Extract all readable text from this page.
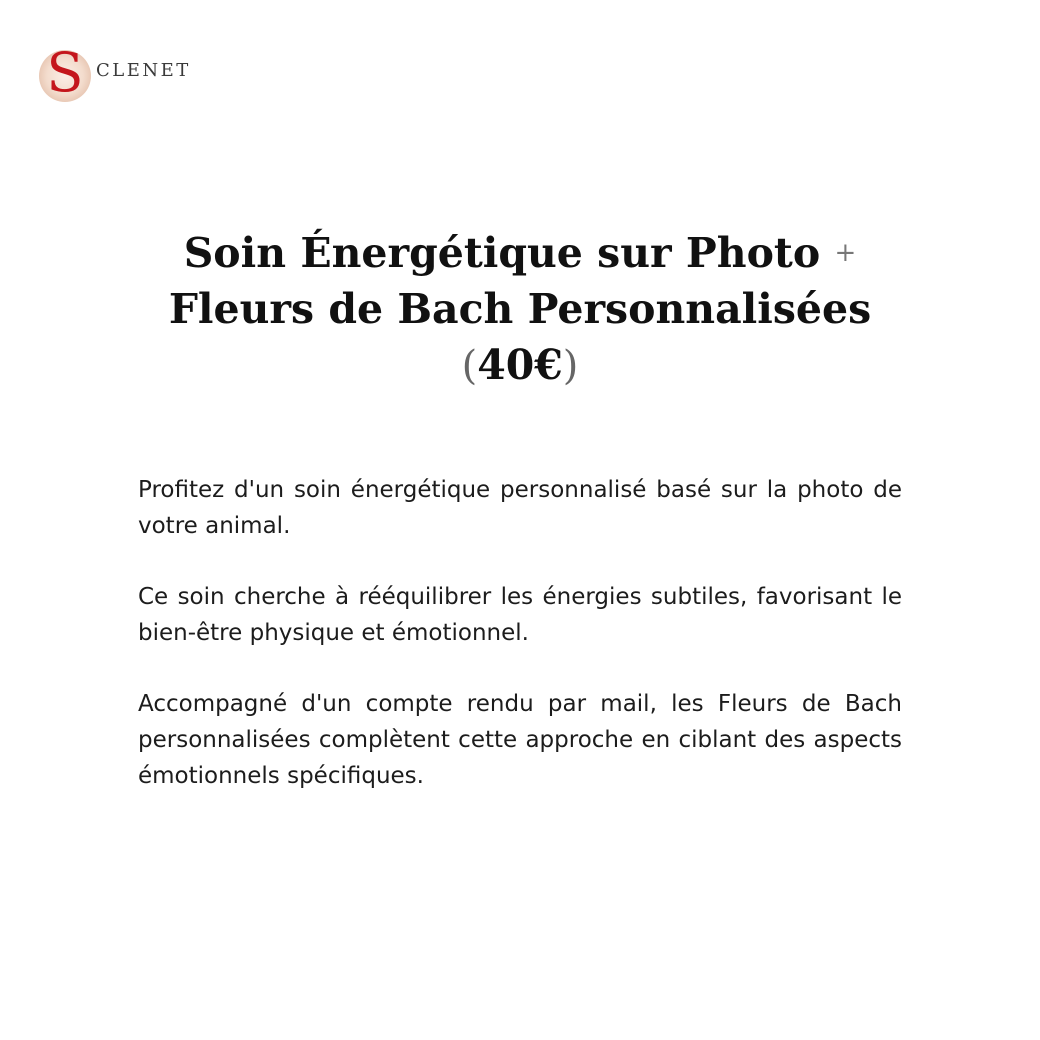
S CLENET
Soin Énergétique sur Photo +
Fleurs de Bach Personnalisées
(40€)

Profitez d'un soin énergétique personnalisé basé sur la photo de votre animal.

Ce soin cherche à rééquilibrer les énergies subtiles, favorisant le bien-être physique et émotionnel.

Accompagné d'un compte rendu par mail, les Fleurs de Bach personnalisées complètent cette approche en ciblant des aspects émotionnels spécifiques.
